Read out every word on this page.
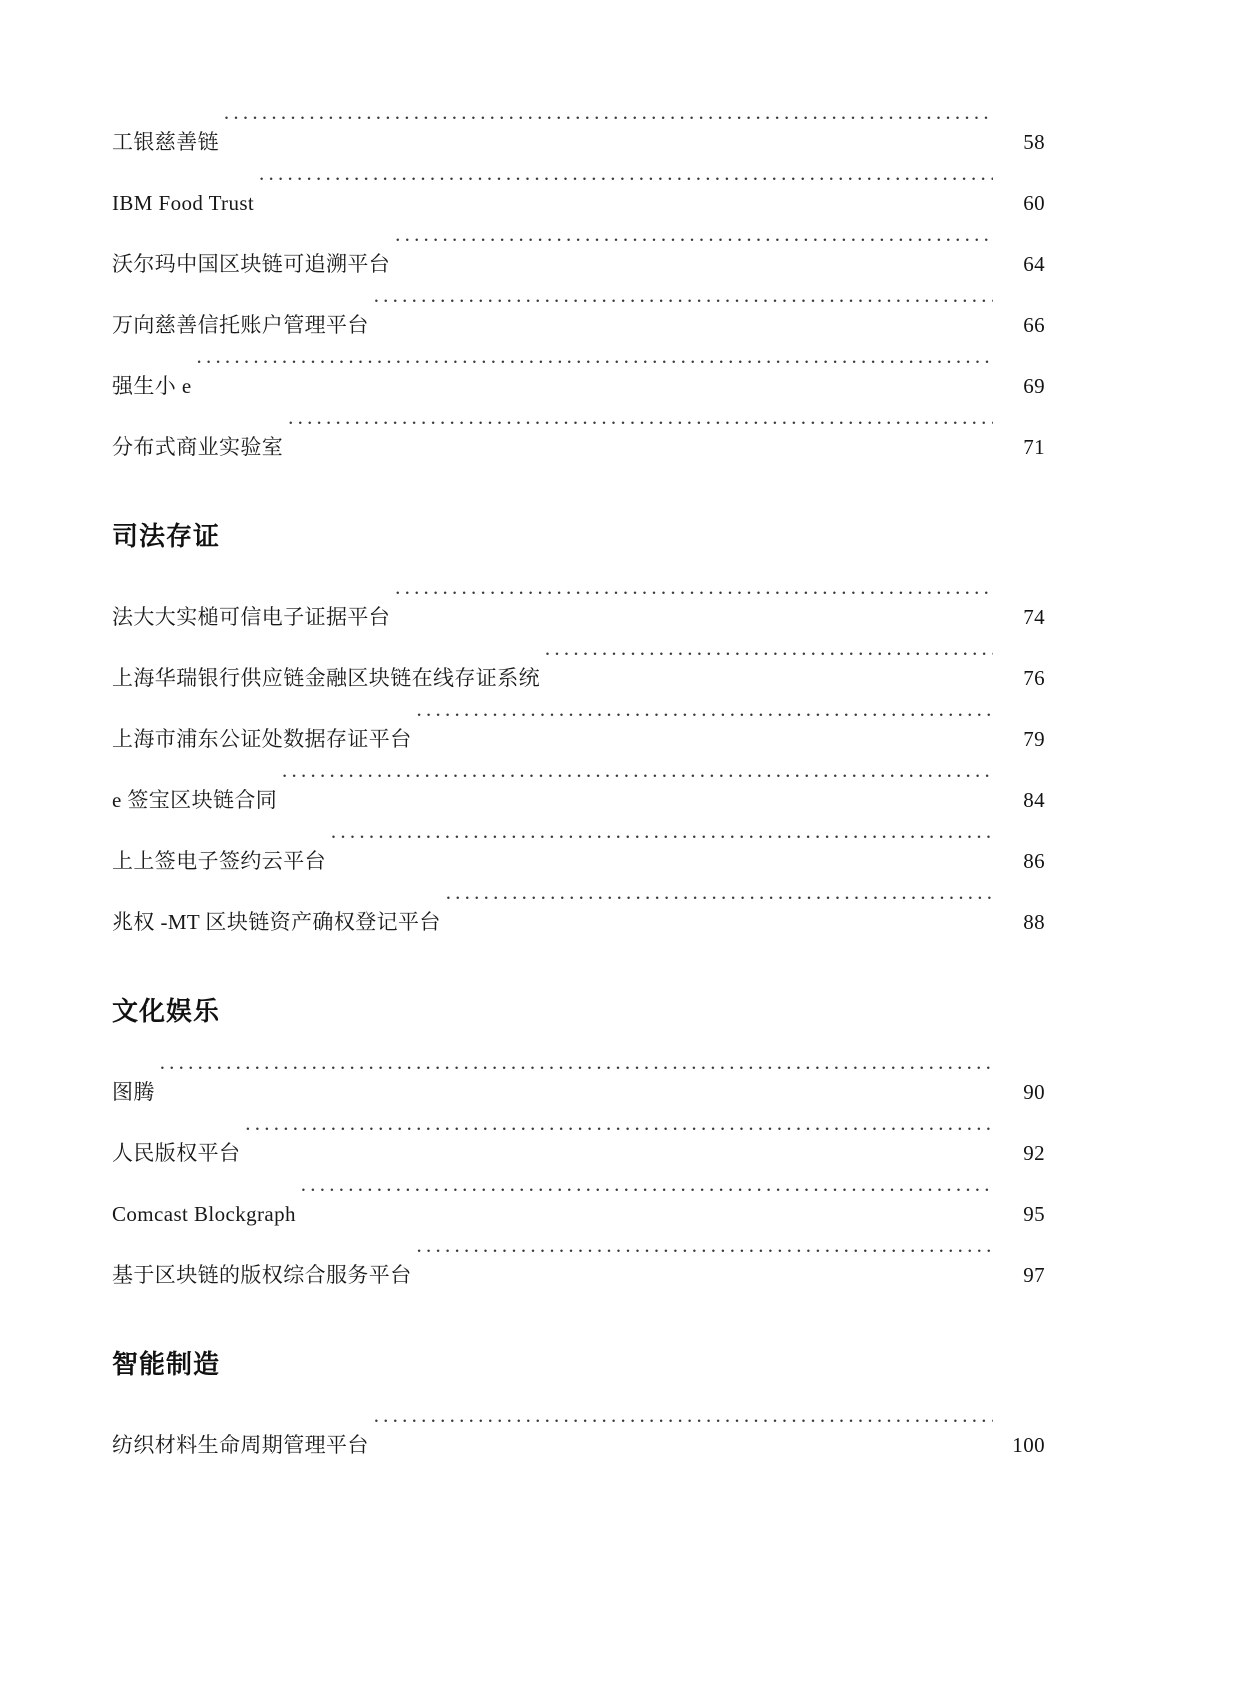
工银慈善链 ·····	58
IBM Food Trust ·····	60
沃尔玛中国区块链可追溯平台 ·····	64
万向慈善信托账户管理平台 ·····	66
强生小 e ·····	69
分布式商业实验室 ·····	71
司法存证
法大大实槌可信电子证据平台 ·····	74
上海华瑞银行供应链金融区块链在线存证系统 ·····	76
上海市浦东公证处数据存证平台 ·····	79
e 签宝区块链合同 ·····	84
上上签电子签约云平台 ·····	86
兆权 -MT 区块链资产确权登记平台 ·····	88
文化娱乐
图腾 ·····	90
人民版权平台 ·····	92
Comcast Blockgraph ·····	95
基于区块链的版权综合服务平台 ·····	97
智能制造
纺织材料生命周期管理平台 ·····	100
